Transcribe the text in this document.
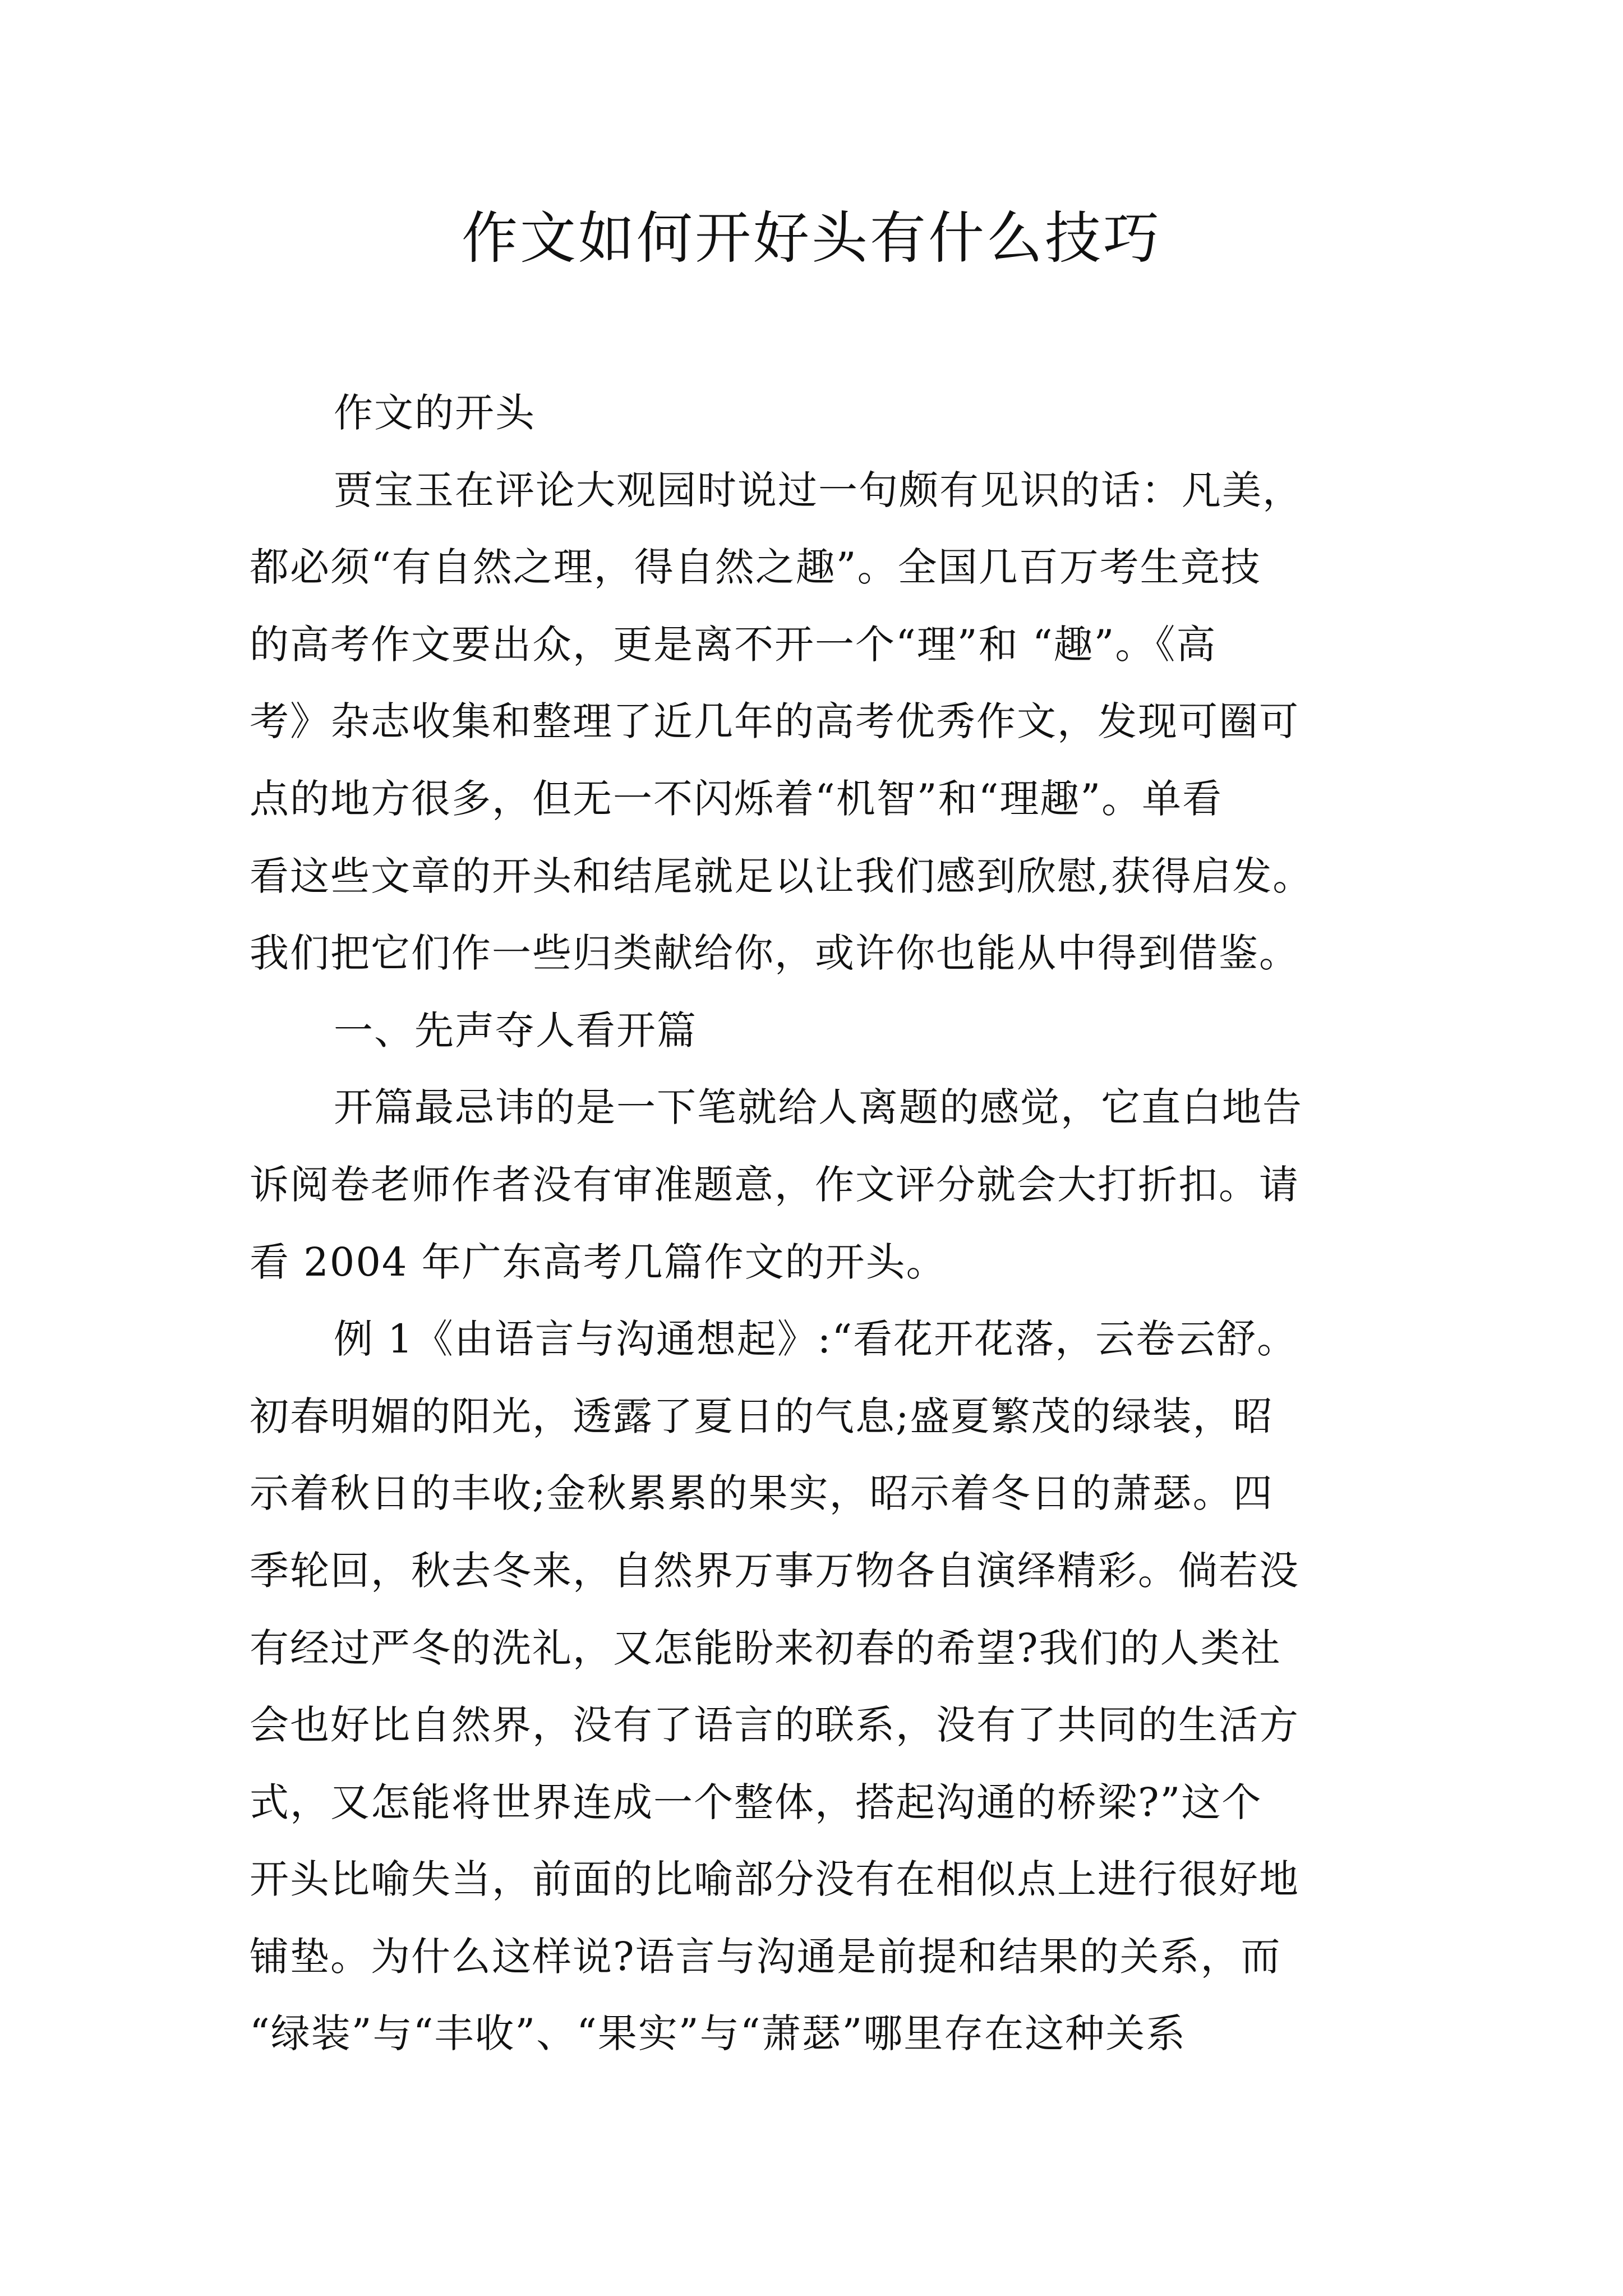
作文如何开好头有什么技巧
作文的开头
贾宝玉在评论大观园时说过一句颇有见识的话：凡美，
都必须“有自然之理，得自然之趣”。全国几百万考生竞技
的高考作文要出众，更是离不开一个“理”和 “趣”。《高
考》杂志收集和整理了近几年的高考优秀作文，发现可圈可
点的地方很多，但无一不闪烁着“机智”和“理趣”。单看
看这些文章的开头和结尾就足以让我们感到欣慰,获得启发。
我们把它们作一些归类献给你，或许你也能从中得到借鉴。
一、先声夺人看开篇
开篇最忌讳的是一下笔就给人离题的感觉，它直白地告
诉阅卷老师作者没有审准题意，作文评分就会大打折扣。请
看 2004 年广东高考几篇作文的开头。
例 1《由语言与沟通想起》:“看花开花落，云卷云舒。
初春明媚的阳光，透露了夏日的气息;盛夏繁茂的绿装，昭
示着秋日的丰收;金秋累累的果实，昭示着冬日的萧瑟。四
季轮回，秋去冬来，自然界万事万物各自演绎精彩。倘若没
有经过严冬的洗礼，又怎能盼来初春的希望?我们的人类社
会也好比自然界，没有了语言的联系，没有了共同的生活方
式，又怎能将世界连成一个整体，搭起沟通的桥梁?”这个
开头比喻失当，前面的比喻部分没有在相似点上进行很好地
铺垫。为什么这样说?语言与沟通是前提和结果的关系，而
“绿装”与“丰收”、“果实”与“萧瑟”哪里存在这种关系
